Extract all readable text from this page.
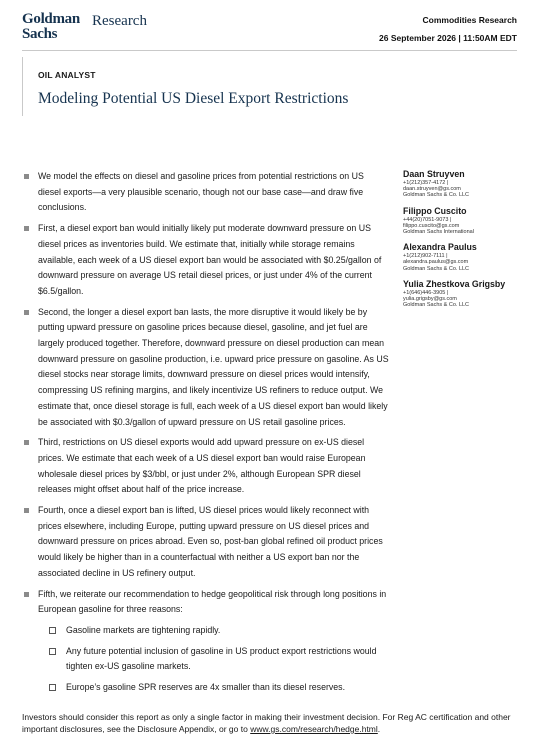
Goldman
Sachs
Research	Commodities Research
26 September 2026 | 11:50AM EDT
OIL ANALYST
Modeling Potential US Diesel Export Restrictions
We model the effects on diesel and gasoline prices from potential restrictions on US diesel exports—a very plausible scenario, though not our base case—and draw five conclusions.
First, a diesel export ban would initially likely put moderate downward pressure on US diesel prices as inventories build. We estimate that, initially while storage remains available, each week of a US diesel export ban would be associated with $0.25/gallon of downward pressure on average US retail diesel prices, or just under 4% of the current $6.5/gallon.
Second, the longer a diesel export ban lasts, the more disruptive it would likely be by putting upward pressure on gasoline prices because diesel, gasoline, and jet fuel are largely produced together. Therefore, downward pressure on diesel production can mean downward pressure on gasoline production, i.e. upward price pressure on gasoline. As US diesel stocks near storage limits, downward pressure on diesel prices would intensify, compressing US refining margins, and likely incentivize US refiners to reduce output. We estimate that, once diesel storage is full, each week of a US diesel export ban would likely be associated with $0.3/gallon of upward pressure on US retail gasoline prices.
Third, restrictions on US diesel exports would add upward pressure on ex-US diesel prices. We estimate that each week of a US diesel export ban would raise European wholesale diesel prices by $3/bbl, or just under 2%, although European SPR diesel releases might offset about half of the price increase.
Fourth, once a diesel export ban is lifted, US diesel prices would likely reconnect with prices elsewhere, including Europe, putting upward pressure on US diesel prices and downward pressure on prices abroad. Even so, post-ban global refined oil product prices would likely be higher than in a counterfactual with neither a US export ban nor the associated decline in US refinery output.
Fifth, we reiterate our recommendation to hedge geopolitical risk through long positions in European gasoline for three reasons:
Gasoline markets are tightening rapidly.
Any future potential inclusion of gasoline in US product export restrictions would tighten ex-US gasoline markets.
Europe’s gasoline SPR reserves are 4x smaller than its diesel reserves.
Daan Struyven
+1(212)357-4172 |
daan.struyven@gs.com
Goldman Sachs & Co. LLC
Filippo Cuscito
+44(20)7051-9073 |
filippo.cuscito@gs.com
Goldman Sachs International
Alexandra Paulus
+1(212)902-7111 |
alexandra.paulus@gs.com
Goldman Sachs & Co. LLC
Yulia Zhestkova Grigsby
+1(646)446-3905 |
yulia.grigsby@gs.com
Goldman Sachs & Co. LLC
Investors should consider this report as only a single factor in making their investment decision. For Reg AC certification and other important disclosures, see the Disclosure Appendix, or go to www.gs.com/research/hedge.html.
